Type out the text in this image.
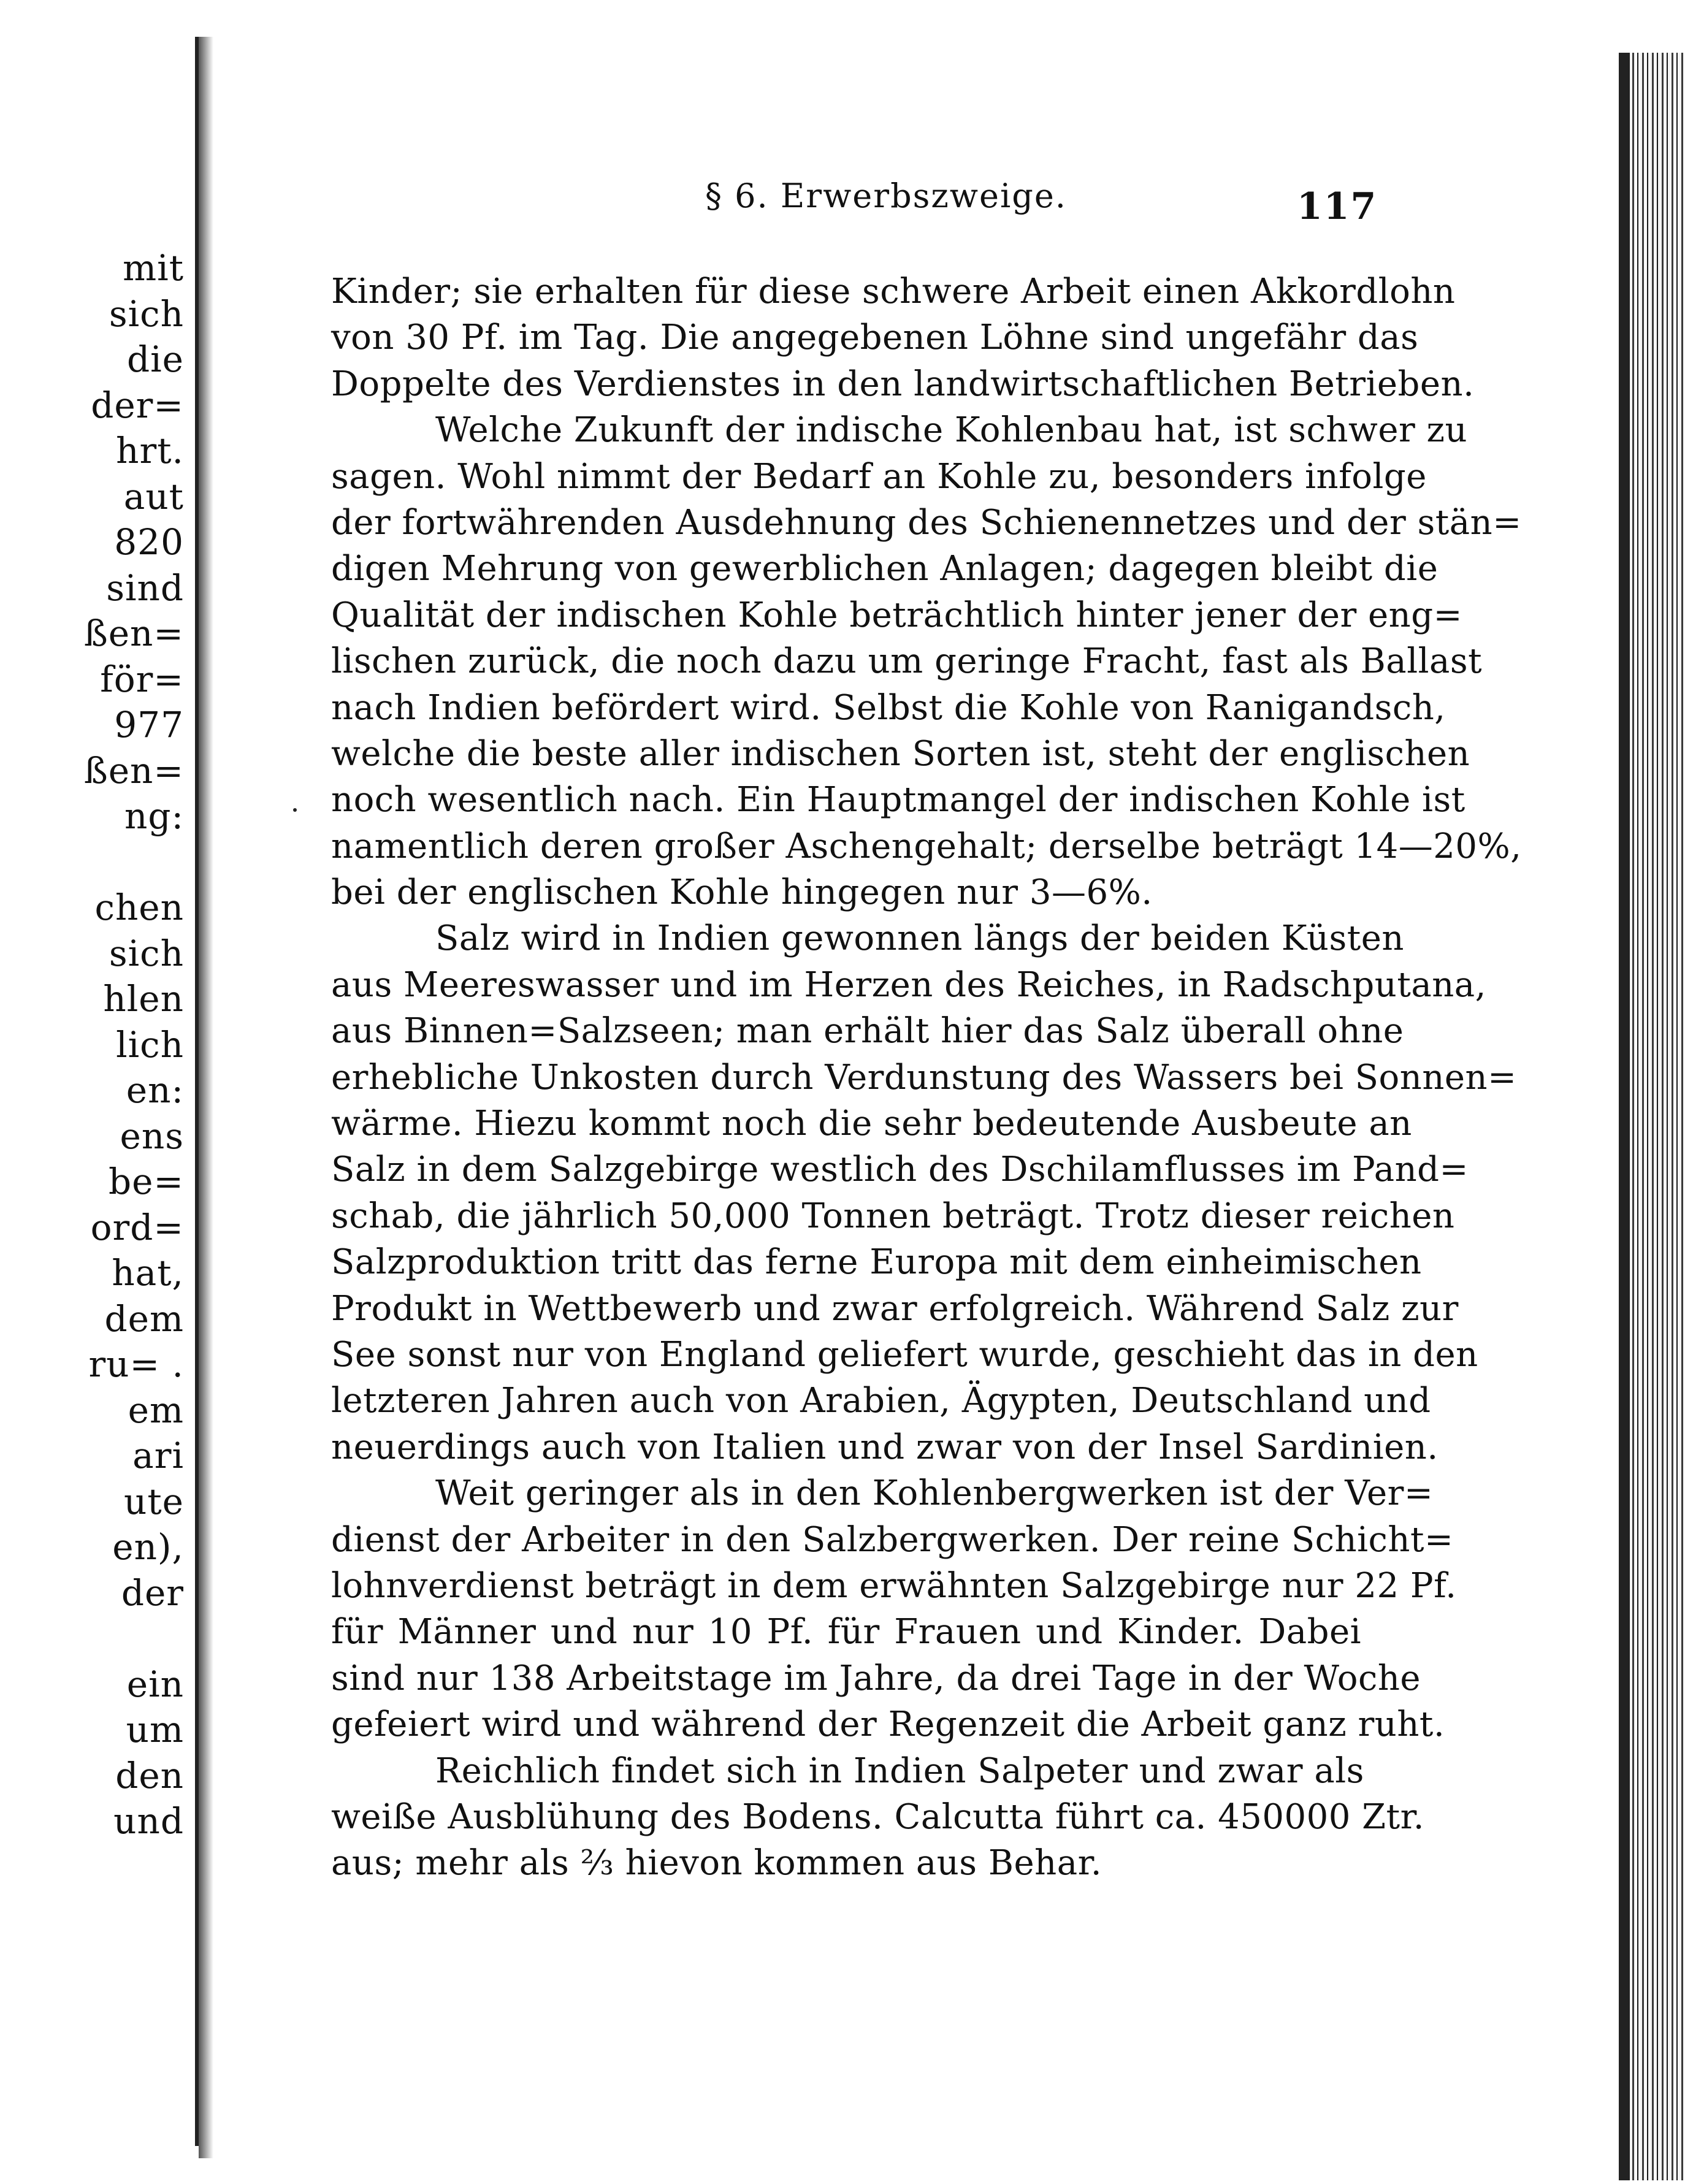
mit
sich
die
der=
hrt.
aut
820
sind
ßen=
för=
977
ßen=
ng:
chen
sich
hlen
lich
en:
ens
be=
ord=
hat,
dem
ru= .
em
ari
ute
en),
der
ein
um
den
und
§ 6. Erwerbszweige.	117
Kinder; sie erhalten für diese schwere Arbeit einen Akkordlohn
von 30 Pf. im Tag. Die angegebenen Löhne sind ungefähr das
Doppelte des Verdienstes in den landwirtschaftlichen Betrieben.
Welche Zukunft der indische Kohlenbau hat, ist schwer zu
sagen. Wohl nimmt der Bedarf an Kohle zu, besonders infolge
der fortwährenden Ausdehnung des Schienennetzes und der stän=
digen Mehrung von gewerblichen Anlagen; dagegen bleibt die
Qualität der indischen Kohle beträchtlich hinter jener der eng=
lischen zurück, die noch dazu um geringe Fracht, fast als Ballast
nach Indien befördert wird. Selbst die Kohle von Ranigandsch,
welche die beste aller indischen Sorten ist, steht der englischen
noch wesentlich nach. Ein Hauptmangel der indischen Kohle ist
namentlich deren großer Aschengehalt; derselbe beträgt 14—20%,
bei der englischen Kohle hingegen nur 3—6%.
Salz wird in Indien gewonnen längs der beiden Küsten
aus Meereswasser und im Herzen des Reiches, in Radschputana,
aus Binnen=Salzseen; man erhält hier das Salz überall ohne
erhebliche Unkosten durch Verdunstung des Wassers bei Sonnen=
wärme. Hiezu kommt noch die sehr bedeutende Ausbeute an
Salz in dem Salzgebirge westlich des Dschilamflusses im Pand=
schab, die jährlich 50,000 Tonnen beträgt. Trotz dieser reichen
Salzproduktion tritt das ferne Europa mit dem einheimischen
Produkt in Wettbewerb und zwar erfolgreich. Während Salz zur
See sonst nur von England geliefert wurde, geschieht das in den
letzteren Jahren auch von Arabien, Ägypten, Deutschland und
neuerdings auch von Italien und zwar von der Insel Sardinien.
Weit geringer als in den Kohlenbergwerken ist der Ver=
dienst der Arbeiter in den Salzbergwerken. Der reine Schicht=
lohnverdienst beträgt in dem erwähnten Salzgebirge nur 22 Pf.
für Männer und nur 10 Pf. für Frauen und Kinder. Dabei
sind nur 138 Arbeitstage im Jahre, da drei Tage in der Woche
gefeiert wird und während der Regenzeit die Arbeit ganz ruht.
Reichlich findet sich in Indien Salpeter und zwar als
weiße Ausblühung des Bodens. Calcutta führt ca. 450000 Ztr.
aus; mehr als ⅔ hievon kommen aus Behar.
